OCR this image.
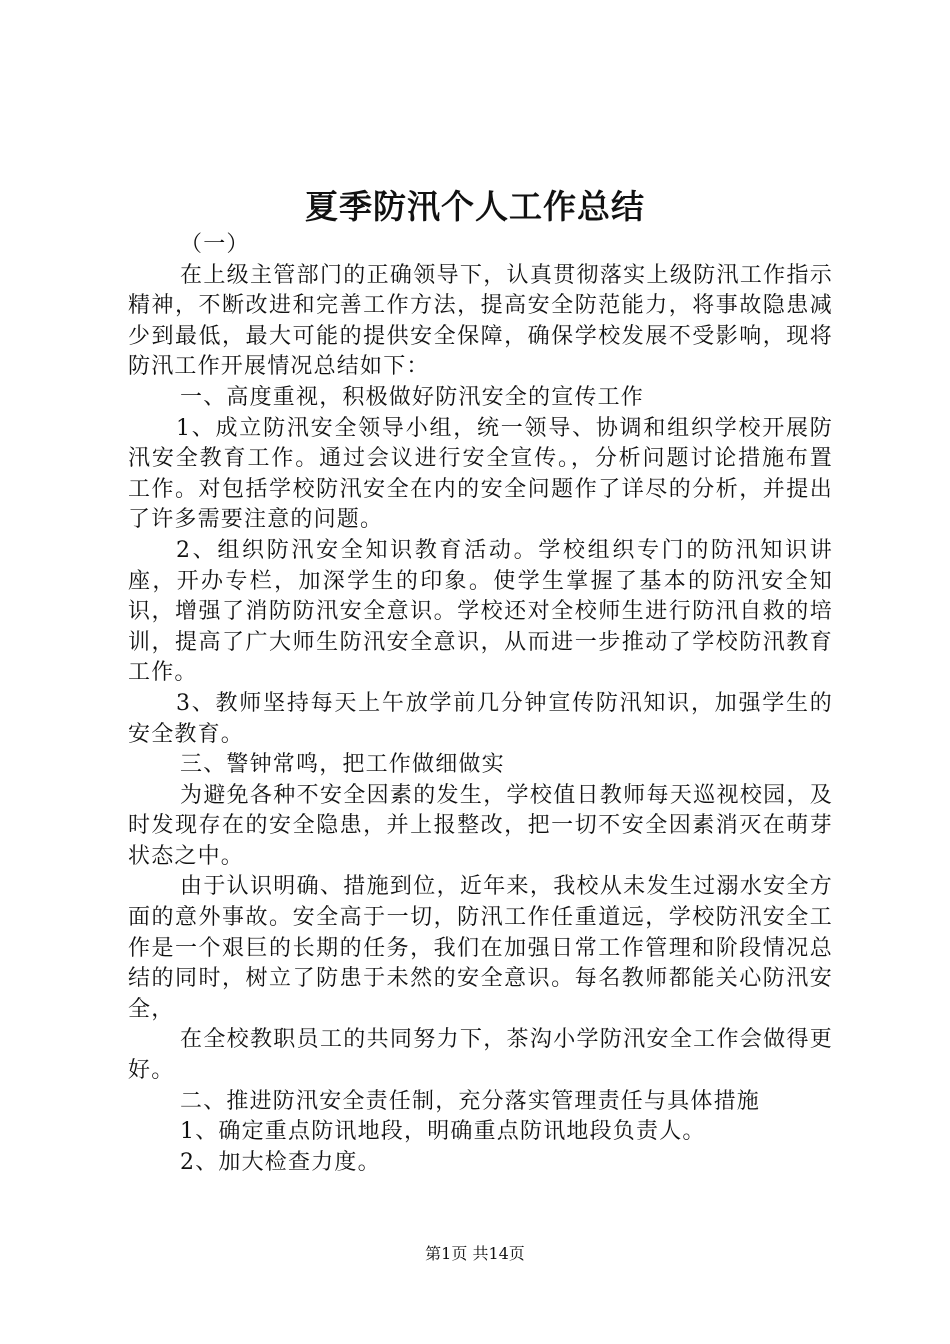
夏季防汛个人工作总结

（一）

在上级主管部门的正确领导下，认真贯彻落实上级防汛工作指示精神，不断改进和完善工作方法，提高安全防范能力，将事故隐患减少到最低，最大可能的提供安全保障，确保学校发展不受影响，现将防汛工作开展情况总结如下：

一、高度重视，积极做好防汛安全的宣传工作

1、成立防汛安全领导小组，统一领导、协调和组织学校开展防汛安全教育工作。通过会议进行安全宣传。，分析问题讨论措施布置工作。对包括学校防汛安全在内的安全问题作了详尽的分析，并提出了许多需要注意的问题。

2、组织防汛安全知识教育活动。学校组织专门的防汛知识讲座，开办专栏，加深学生的印象。使学生掌握了基本的防汛安全知识，增强了消防防汛安全意识。学校还对全校师生进行防汛自救的培训，提高了广大师生防汛安全意识，从而进一步推动了学校防汛教育工作。

3、教师坚持每天上午放学前几分钟宣传防汛知识，加强学生的安全教育。

三、警钟常鸣，把工作做细做实

为避免各种不安全因素的发生，学校值日教师每天巡视校园，及时发现存在的安全隐患，并上报整改，把一切不安全因素消灭在萌芽状态之中。

由于认识明确、措施到位，近年来，我校从未发生过溺水安全方面的意外事故。安全高于一切，防汛工作任重道远，学校防汛安全工作是一个艰巨的长期的任务，我们在加强日常工作管理和阶段情况总结的同时，树立了防患于未然的安全意识。每名教师都能关心防汛安全，

在全校教职员工的共同努力下，茶沟小学防汛安全工作会做得更好。

二、推进防汛安全责任制，充分落实管理责任与具体措施

1、确定重点防讯地段，明确重点防讯地段负责人。

2、加大检查力度。

第1页 共14页
